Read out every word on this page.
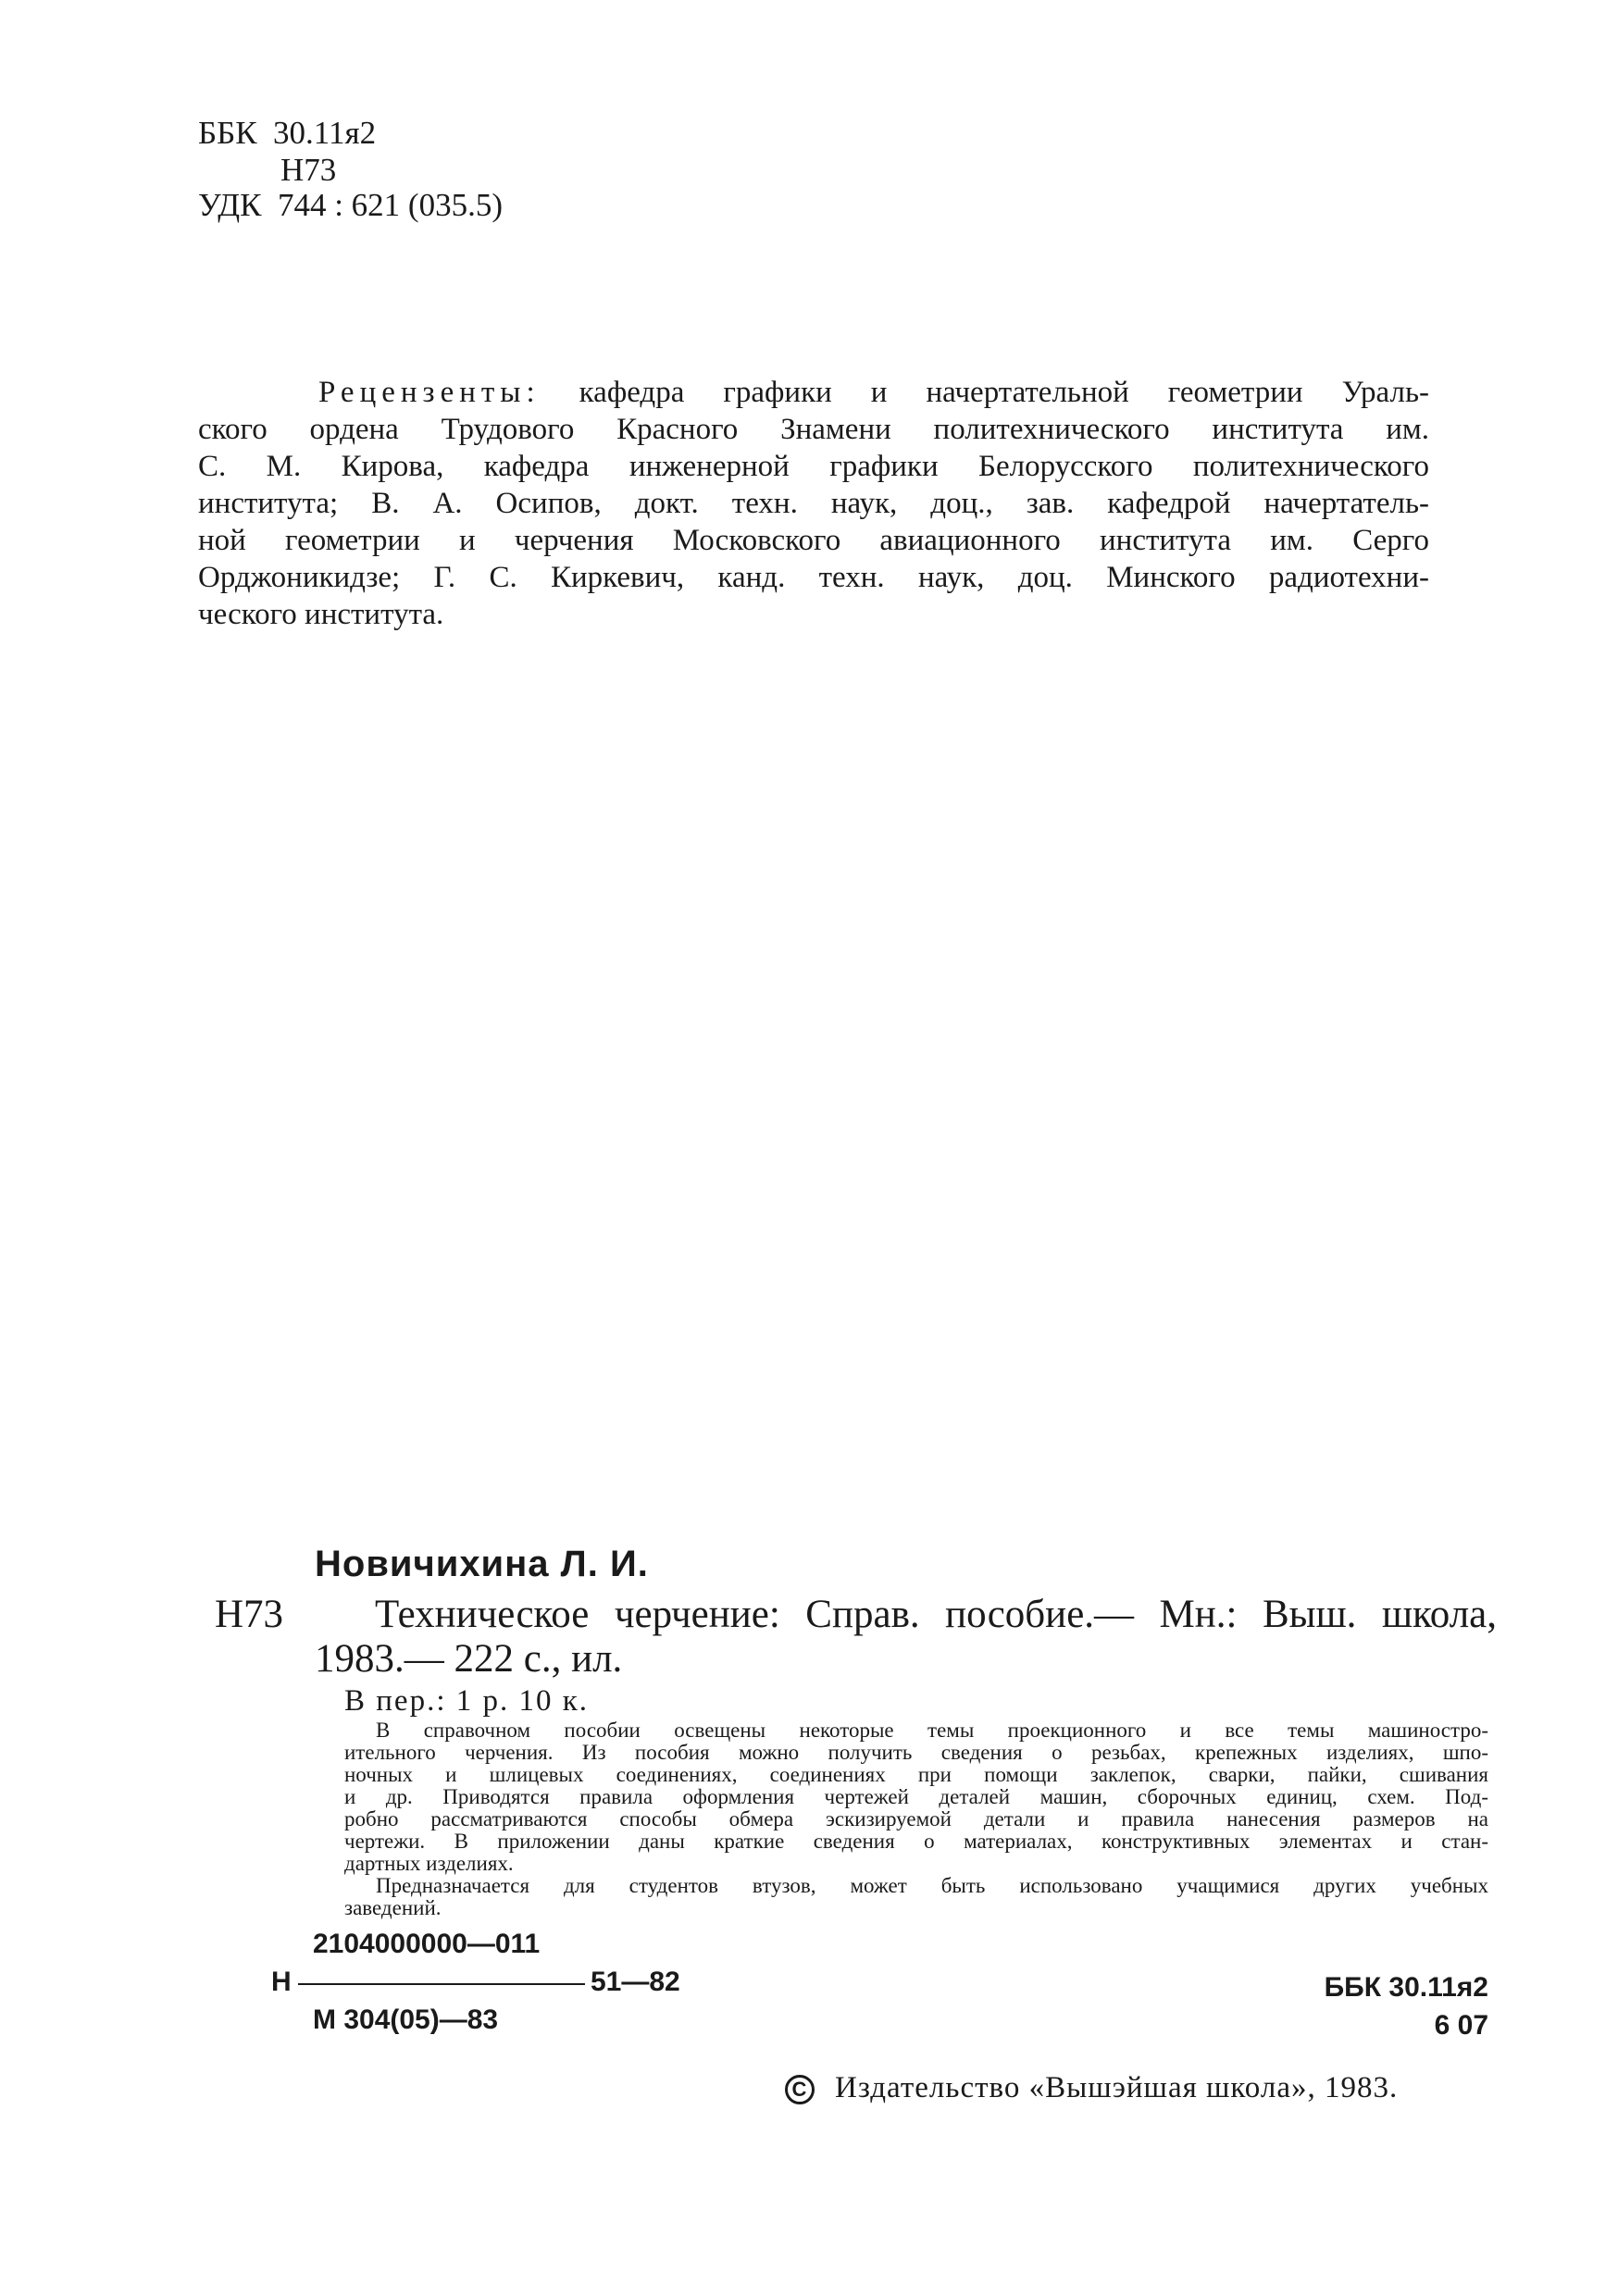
ББК  30.11я2
Н73
УДК  744 : 621 (035.5)
Рецензенты: кафедра графики и начертательной геометрии Ураль-
ского ордена Трудового Красного Знамени политехнического института им.
С. М. Кирова, кафедра инженерной графики Белорусского политехнического
института; В. А. Осипов, докт. техн. наук, доц., зав. кафедрой начертатель-
ной геометрии и черчения Московского авиационного института им. Серго
Орджоникидзе; Г. С. Киркевич, канд. техн. наук, доц. Минского радиотехни-
ческого института.
Новичихина Л. И.
Н73 Техническое черчение: Справ. пособие.— Мн.: Выш. школа,
1983.— 222 с., ил.
В пер.: 1 р. 10 к.
В справочном пособии освещены некоторые темы проекционного и все темы машиностро-
ительного черчения. Из пособия можно получить сведения о резьбах, крепежных изделиях, шпо-
ночных и шлицевых соединениях, соединениях при помощи заклепок, сварки, пайки, сшивания
и др. Приводятся правила оформления чертежей деталей машин, сборочных единиц, схем. Под-
робно рассматриваются способы обмера эскизируемой детали и правила нанесения размеров на
чертежи. В приложении даны краткие сведения о материалах, конструктивных элементах и стан-
дартных изделиях.
Предназначается для студентов втузов, может быть использовано учащимися других учебных
заведений.
2104000000—011
Н	51—82
М 304(05)—83
ББК 30.11я2
6 07
С Издательство «Вышэйшая школа», 1983.
